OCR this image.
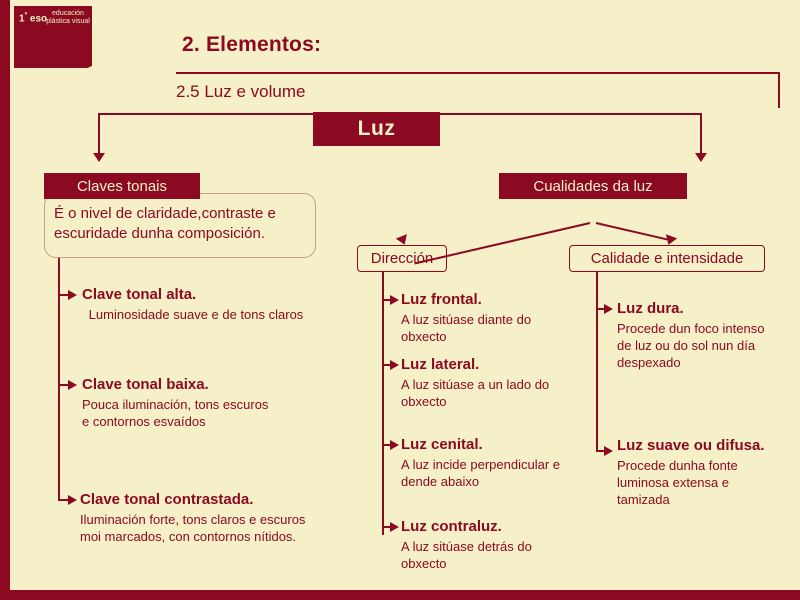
$1^º$ eso educación plástica visual
2. Elementos:
2.5 Luz e volume
Luz
Claves tonais
É o nivel de claridade,contraste e escuridade dunha composición.

Clave tonal alta.

Luminosidade suave e de tons claros

Clave tonal baixa.

Pouca iluminación, tons escuros e contornos esvaídos

Clave tonal contrastada.

Iluminación forte, tons claros e escuros moi marcados, con contornos nítidos.

Cualidades da luz
Dirección	Calidade e intensidade

Luz frontal.

A luz sitúase diante do obxecto

Luz lateral.

A luz sitúase a un lado do obxecto

Luz cenital.

A luz incide perpendicular e dende abaixo

Luz contraluz.

A luz sitúase detrás do obxecto

Luz dura.

Procede dun foco intenso de luz ou do sol nun día despexado

Luz suave ou difusa.

Procede dunha fonte luminosa extensa e tamizada
